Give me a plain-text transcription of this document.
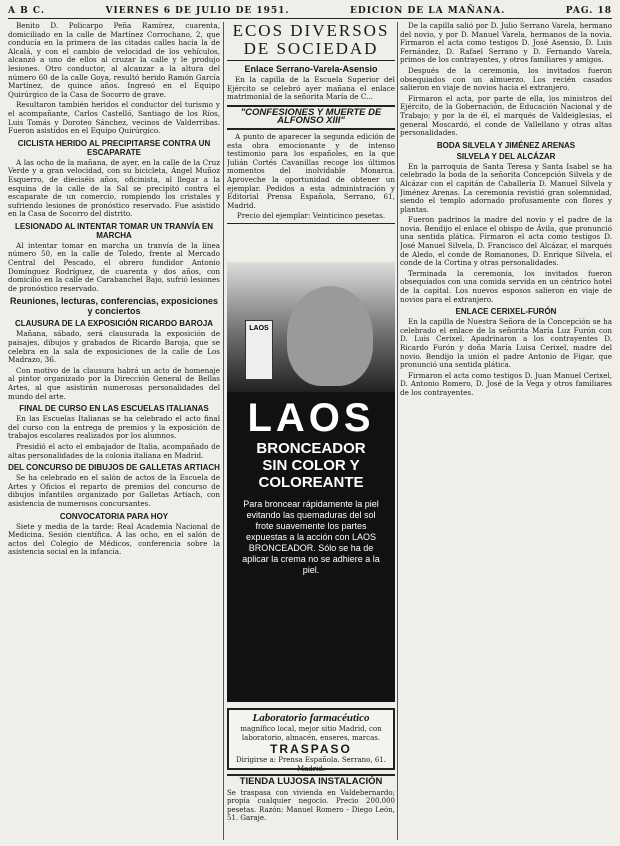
A B C.	VIERNES 6 DE JULIO DE 1951.	EDICION DE LA MAÑANA.	PAG. 18

Benito D. Policarpo Peña Ramírez, cuarenta, domiciliado en la calle de Martínez Corrochano, 2, que conducía en la primera de las citadas calles hacia la de Alcalá, y con el cambio de velocidad de los vehículos, alcanzó a uno de ellos al cruzar la calle y le produjo lesiones. Otro conductor, al alcanzar a la altura del número 60 de la calle Goya, resultó herido Ramón García Martínez, de quince años. Ingresó en el Equipo Quirúrgico de la Casa de Socorro de grave.

Resultaron también heridos el conductor del turismo y el acompañante, Carlos Castelló, Santiago de los Ríos, Luis Tomás y Doroteo Sánchez, vecinos de Valderribas. Fueron asistidos en el Equipo Quirúrgico.

CICLISTA HERIDO AL PRECIPITARSE CONTRA UN ESCAPARATE

A las ocho de la mañana, de ayer, en la calle de la Cruz Verde y a gran velocidad, con su bicicleta, Ángel Muñoz Esquerro, de dieciséis años, oficinista, al llegar a la esquina de la calle de la Sal se precipitó contra el escaparate de un comercio, rompiendo los cristales y sufriendo lesiones de pronóstico reservado. Fue asistido en la Casa de Socorro del distrito.

LESIONADO AL INTENTAR TOMAR UN TRANVÍA EN MARCHA

Al intentar tomar en marcha un tranvía de la línea número 50, en la calle de Toledo, frente al Mercado Central del Pescado, el obrero fundidor Antonio Domínguez Rodríguez, de cuarenta y dos años, con domicilio en la calle de Carabanchel Bajo, sufrió lesiones de pronóstico reservado.

Reuniones, lecturas, conferencias, exposiciones y conciertos
CLAUSURA DE LA EXPOSICIÓN RICARDO BAROJA

Mañana, sábado, será clausurada la exposición de paisajes, dibujos y grabados de Ricardo Baroja, que se celebra en la sala de exposiciones de la calle de Los Madrazo, 36.

Con motivo de la clausura habrá un acto de homenaje al pintor organizado por la Dirección General de Bellas Artes, al que asistirán numerosas personalidades del mundo del arte.

FINAL DE CURSO EN LAS ESCUELAS ITALIANAS

En las Escuelas Italianas se ha celebrado el acto final del curso con la entrega de premios y la exposición de trabajos escolares realizados por los alumnos.

Presidió el acto el embajador de Italia, acompañado de altas personalidades de la colonia italiana en Madrid.

DEL CONCURSO DE DIBUJOS DE GALLETAS ARTIACH

Se ha celebrado en el salón de actos de la Escuela de Artes y Oficios el reparto de premios del concurso de dibujos infantiles organizado por Galletas Artiach, con asistencia de numerosos concursantes.

CONVOCATORIA PARA HOY

Siete y media de la tarde: Real Academia Nacional de Medicina. Sesión científica. A las ocho, en el salón de actos del Colegio de Médicos, conferencia sobre la asistencia social en la infancia.

ECOS DIVERSOS DE SOCIEDAD
Enlace Serrano-Varela-Asensio

En la capilla de la Escuela Superior del Ejército se celebró ayer mañana el enlace matrimonial de la señorita María de C...

"CONFESIONES Y MUERTE DE ALFONSO XIII"

A punto de aparecer la segunda edición de esta obra emocionante y de intenso testimonio para los españoles, en la que Julián Cortés Cavanillas recoge los últimos momentos del inolvidable Monarca. Aproveche la oportunidad de obtener un ejemplar. Pedidos a esta administración y Editorial Prensa Española, Serrano, 61, Madrid.

Precio del ejemplar: Veinticinco pesetas.

LAOS
LAOS
BRONCEADOR
SIN COLOR Y
COLOREANTE
Para broncear rápidamente la piel evitando las quemaduras del sol frote suavemente los partes expuestas a la acción con LAOS BRONCEADOR. Sólo se ha de aplicar la crema no se adhiere a la piel.
Laboratorio farmacéutico
magnífico local, mejor sitio Madrid, con laboratorio, almacén, enseres, marcas.
TRASPASO
Dirigirse a: Prensa Española. Serrano, 61. Madrid.
TIENDA LUJOSA INSTALACIÓN
Se traspasa con vivienda en Valdebernardo; propia cualquier negocio. Precio 200.000 pesetas. Razón: Manuel Romero - Diego León, 51. Garaje.

De la capilla salió por D. Julio Serrano Varela, hermano del novio, y por D. Manuel Varela, hermanos de la novia. Firmaron el acta como testigos D. José Asensio, D. Luis Fernández, D. Rafael Serrano y D. Fernando Varela, primos de los contrayentes, y otros familiares y amigos.

Después de la ceremonia, los invitados fueron obsequiados con un almuerzo. Los recién casados salieron en viaje de novios hacia el extranjero.

Firmaron el acta, por parte de ella, los ministros del Ejército, de la Gobernación, de Educación Nacional y de Trabajo; y por la de él, el marqués de Valdeiglesias, el general Moscardó, el conde de Vallellano y otras altas personalidades.

BODA SILVELA Y JIMÉNEZ ARENAS
SILVELA Y DEL ALCÁZAR

En la parroquia de Santa Teresa y Santa Isabel se ha celebrado la boda de la señorita Concepción Silvela y de Alcázar con el capitán de Caballería D. Manuel Silvela y Jiménez Arenas. La ceremonia revistió gran solemnidad, siendo el templo adornado profusamente con flores y plantas.

Fueron padrinos la madre del novio y el padre de la novia. Bendijo el enlace el obispo de Ávila, que pronunció una sentida plática. Firmaron el acta como testigos D. José Manuel Silvela, D. Francisco del Alcázar, el marqués de Aledo, el conde de Romanones, D. Enrique Silvela, el conde de la Cortina y otras personalidades.

Terminada la ceremonia, los invitados fueron obsequiados con una comida servida en un céntrico hotel de la capital. Los nuevos esposos salieron en viaje de novios para el extranjero.

ENLACE CERIXEL-FURÓN

En la capilla de Nuestra Señora de la Concepción se ha celebrado el enlace de la señorita María Luz Furón con D. Luis Cerixel. Apadrinaron a los contrayentes D. Ricardo Furón y doña María Luisa Cerixel, madre del novio. Bendijo la unión el padre Antonio de Figar, que pronunció una sentida plática.

Firmaron el acta como testigos D. Juan Manuel Cerixel, D. Antonio Romero, D. José de la Vega y otros familiares de los contrayentes.
